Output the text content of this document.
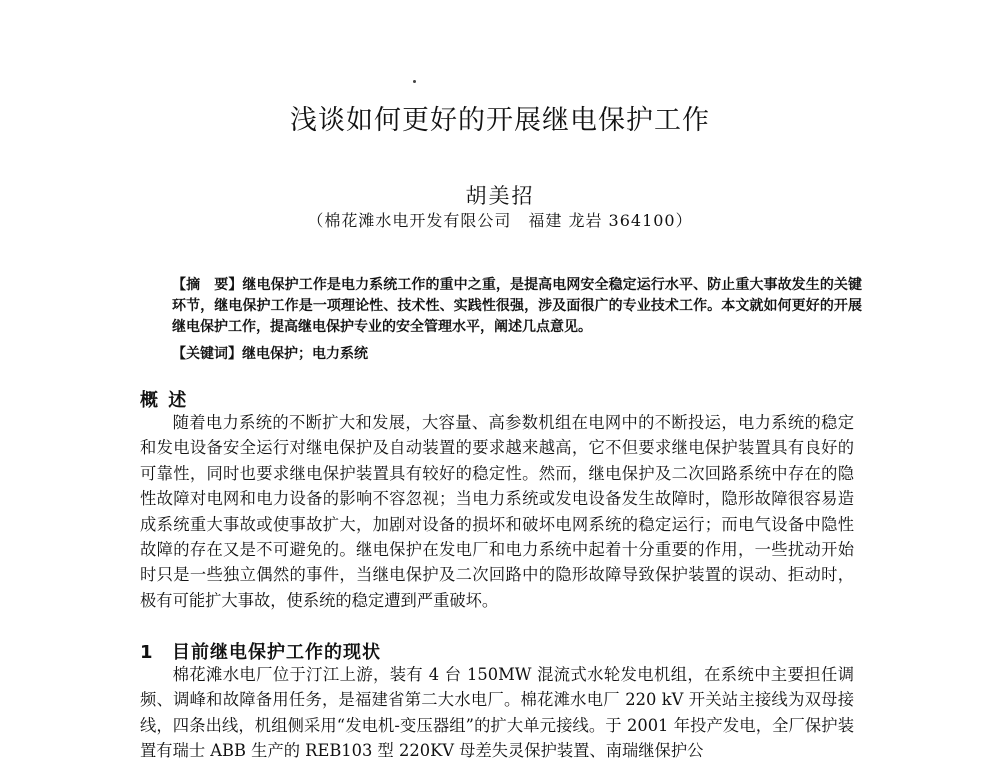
浅谈如何更好的开展继电保护工作
胡美招
（棉花滩水电开发有限公司　福建 龙岩 364100）

【摘　要】继电保护工作是电力系统工作的重中之重，是提高电网安全稳定运行水平、防止重大事故发生的关键环节，继电保护工作是一项理论性、技术性、实践性很强，涉及面很广的专业技术工作。本文就如何更好的开展继电保护工作，提高继电保护专业的安全管理水平，阐述几点意见。

【关键词】继电保护；电力系统
概 述

随着电力系统的不断扩大和发展，大容量、高参数机组在电网中的不断投运，电力系统的稳定和发电设备安全运行对继电保护及自动装置的要求越来越高，它不但要求继电保护装置具有良好的可靠性，同时也要求继电保护装置具有较好的稳定性。然而，继电保护及二次回路系统中存在的隐性故障对电网和电力设备的影响不容忽视；当电力系统或发电设备发生故障时，隐形故障很容易造成系统重大事故或使事故扩大，加剧对设备的损坏和破坏电网系统的稳定运行；而电气设备中隐性故障的存在又是不可避免的。继电保护在发电厂和电力系统中起着十分重要的作用，一些扰动开始时只是一些独立偶然的事件，当继电保护及二次回路中的隐形故障导致保护装置的误动、拒动时，极有可能扩大事故，使系统的稳定遭到严重破坏。

1 目前继电保护工作的现状

棉花滩水电厂位于汀江上游，装有 4 台 150MW 混流式水轮发电机组，在系统中主要担任调频、调峰和故障备用任务，是福建省第二大水电厂。棉花滩水电厂 220 kV 开关站主接线为双母接线，四条出线，机组侧采用“发电机-变压器组”的扩大单元接线。于 2001 年投产发电，全厂保护装置有瑞士 ABB 生产的 REB103 型 220KV 母差失灵保护装置、南瑞继保护公
